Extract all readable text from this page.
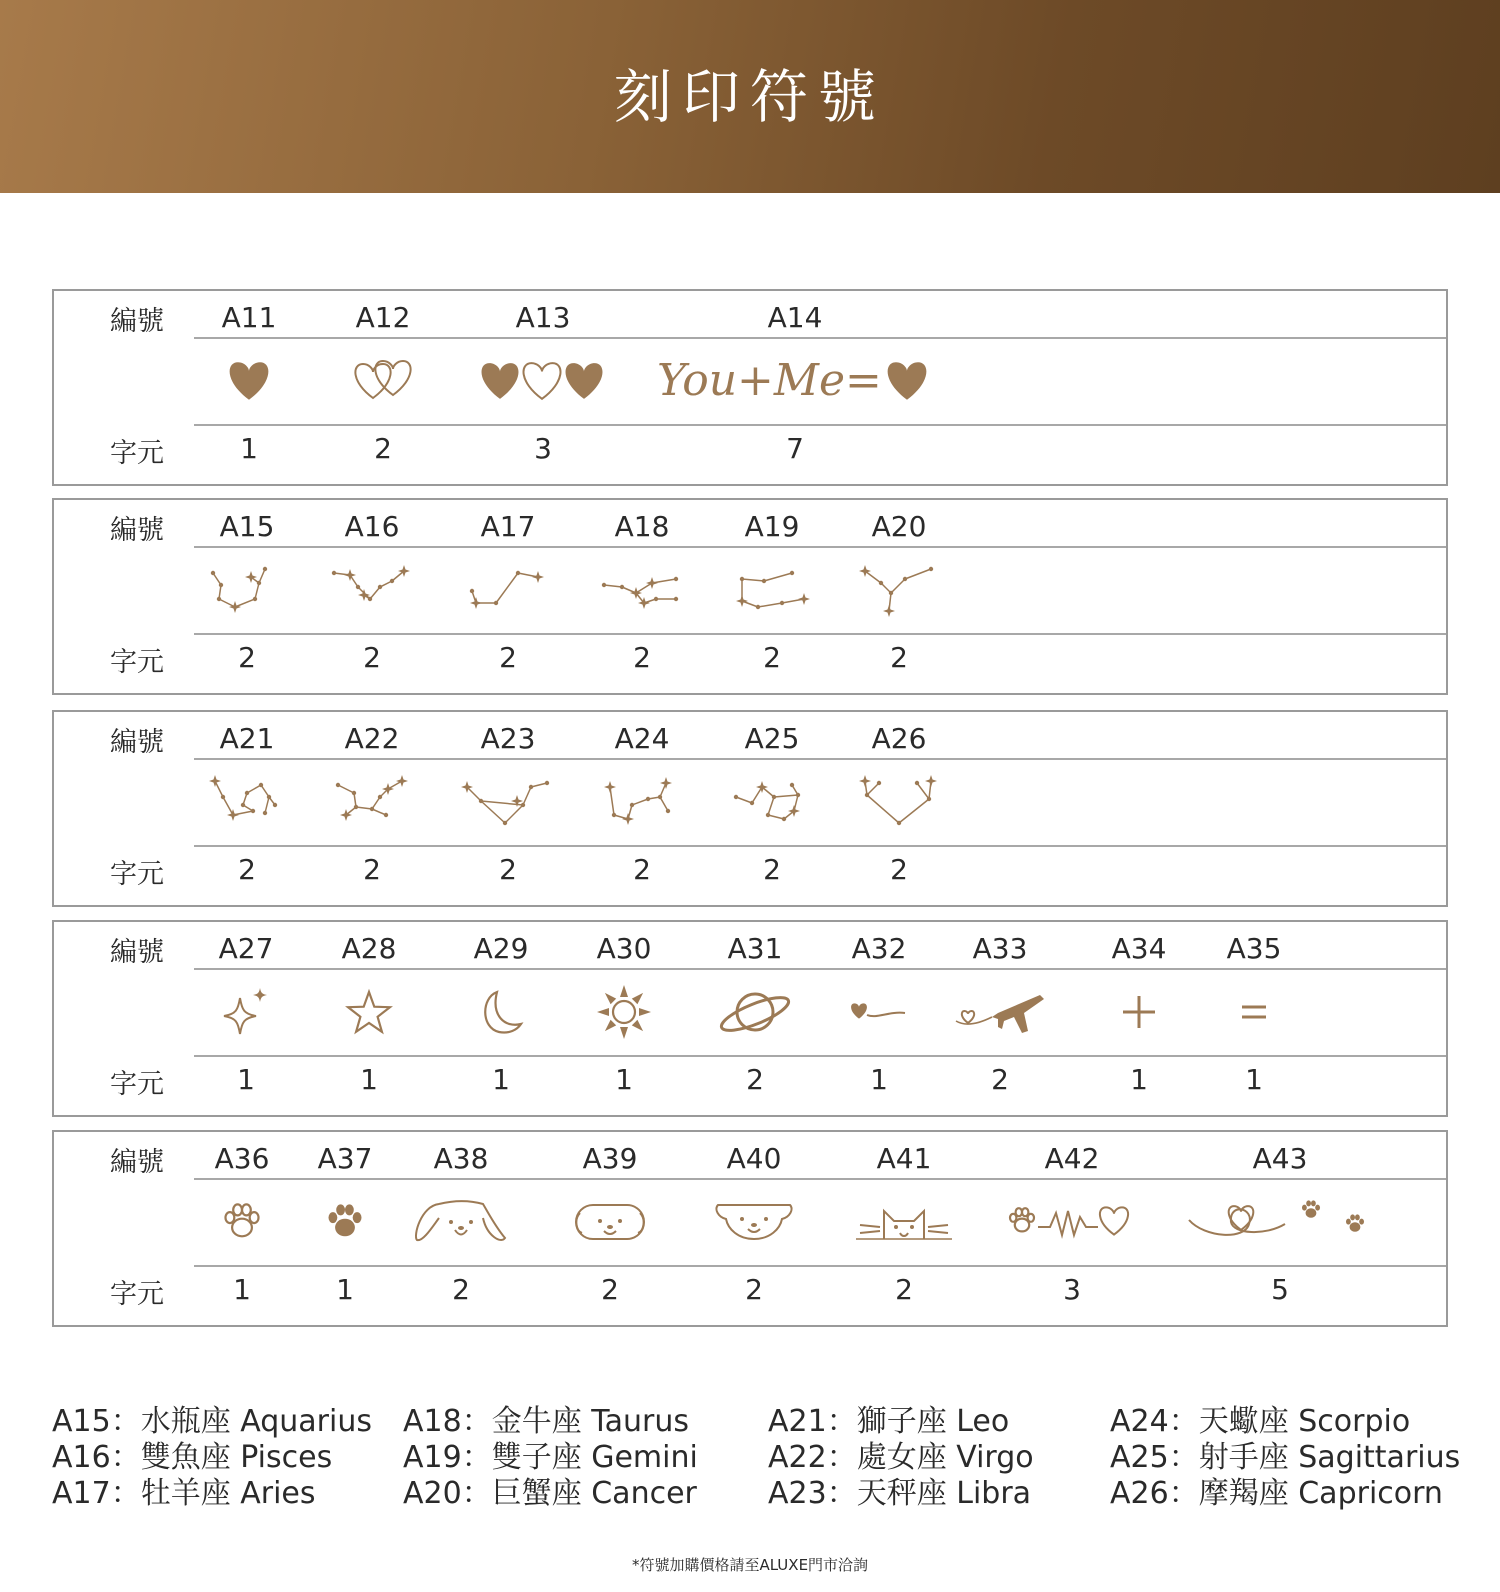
刻印符號
編號
字元
A11
1
A12
2
A13
3
A14
7
You+Me=
編號
字元
A15
2
A16
2
A17
2
A18
2
A19
2
A20
2
編號
字元
A21
2
A22
2
A23
2
A24
2
A25
2
A26
2
編號
字元
A27
1
A28
1
A29
1
A30
1
A31
2
A32
1
A33
2
A34
1
A35
1
編號
字元
A36
1
A37
1
A38
2
A39
2
A40
2
A41
2
A42
3
A43
5
A15：水瓶座 Aquarius
A16：雙魚座 Pisces
A17：牡羊座 Aries
A18：金牛座 Taurus
A19：雙子座 Gemini
A20：巨蟹座 Cancer
A21：獅子座 Leo
A22：處女座 Virgo
A23：天秤座 Libra
A24：天蠍座 Scorpio
A25：射手座 Sagittarius
A26：摩羯座 Capricorn
*符號加購價格請至ALUXE門市洽詢
